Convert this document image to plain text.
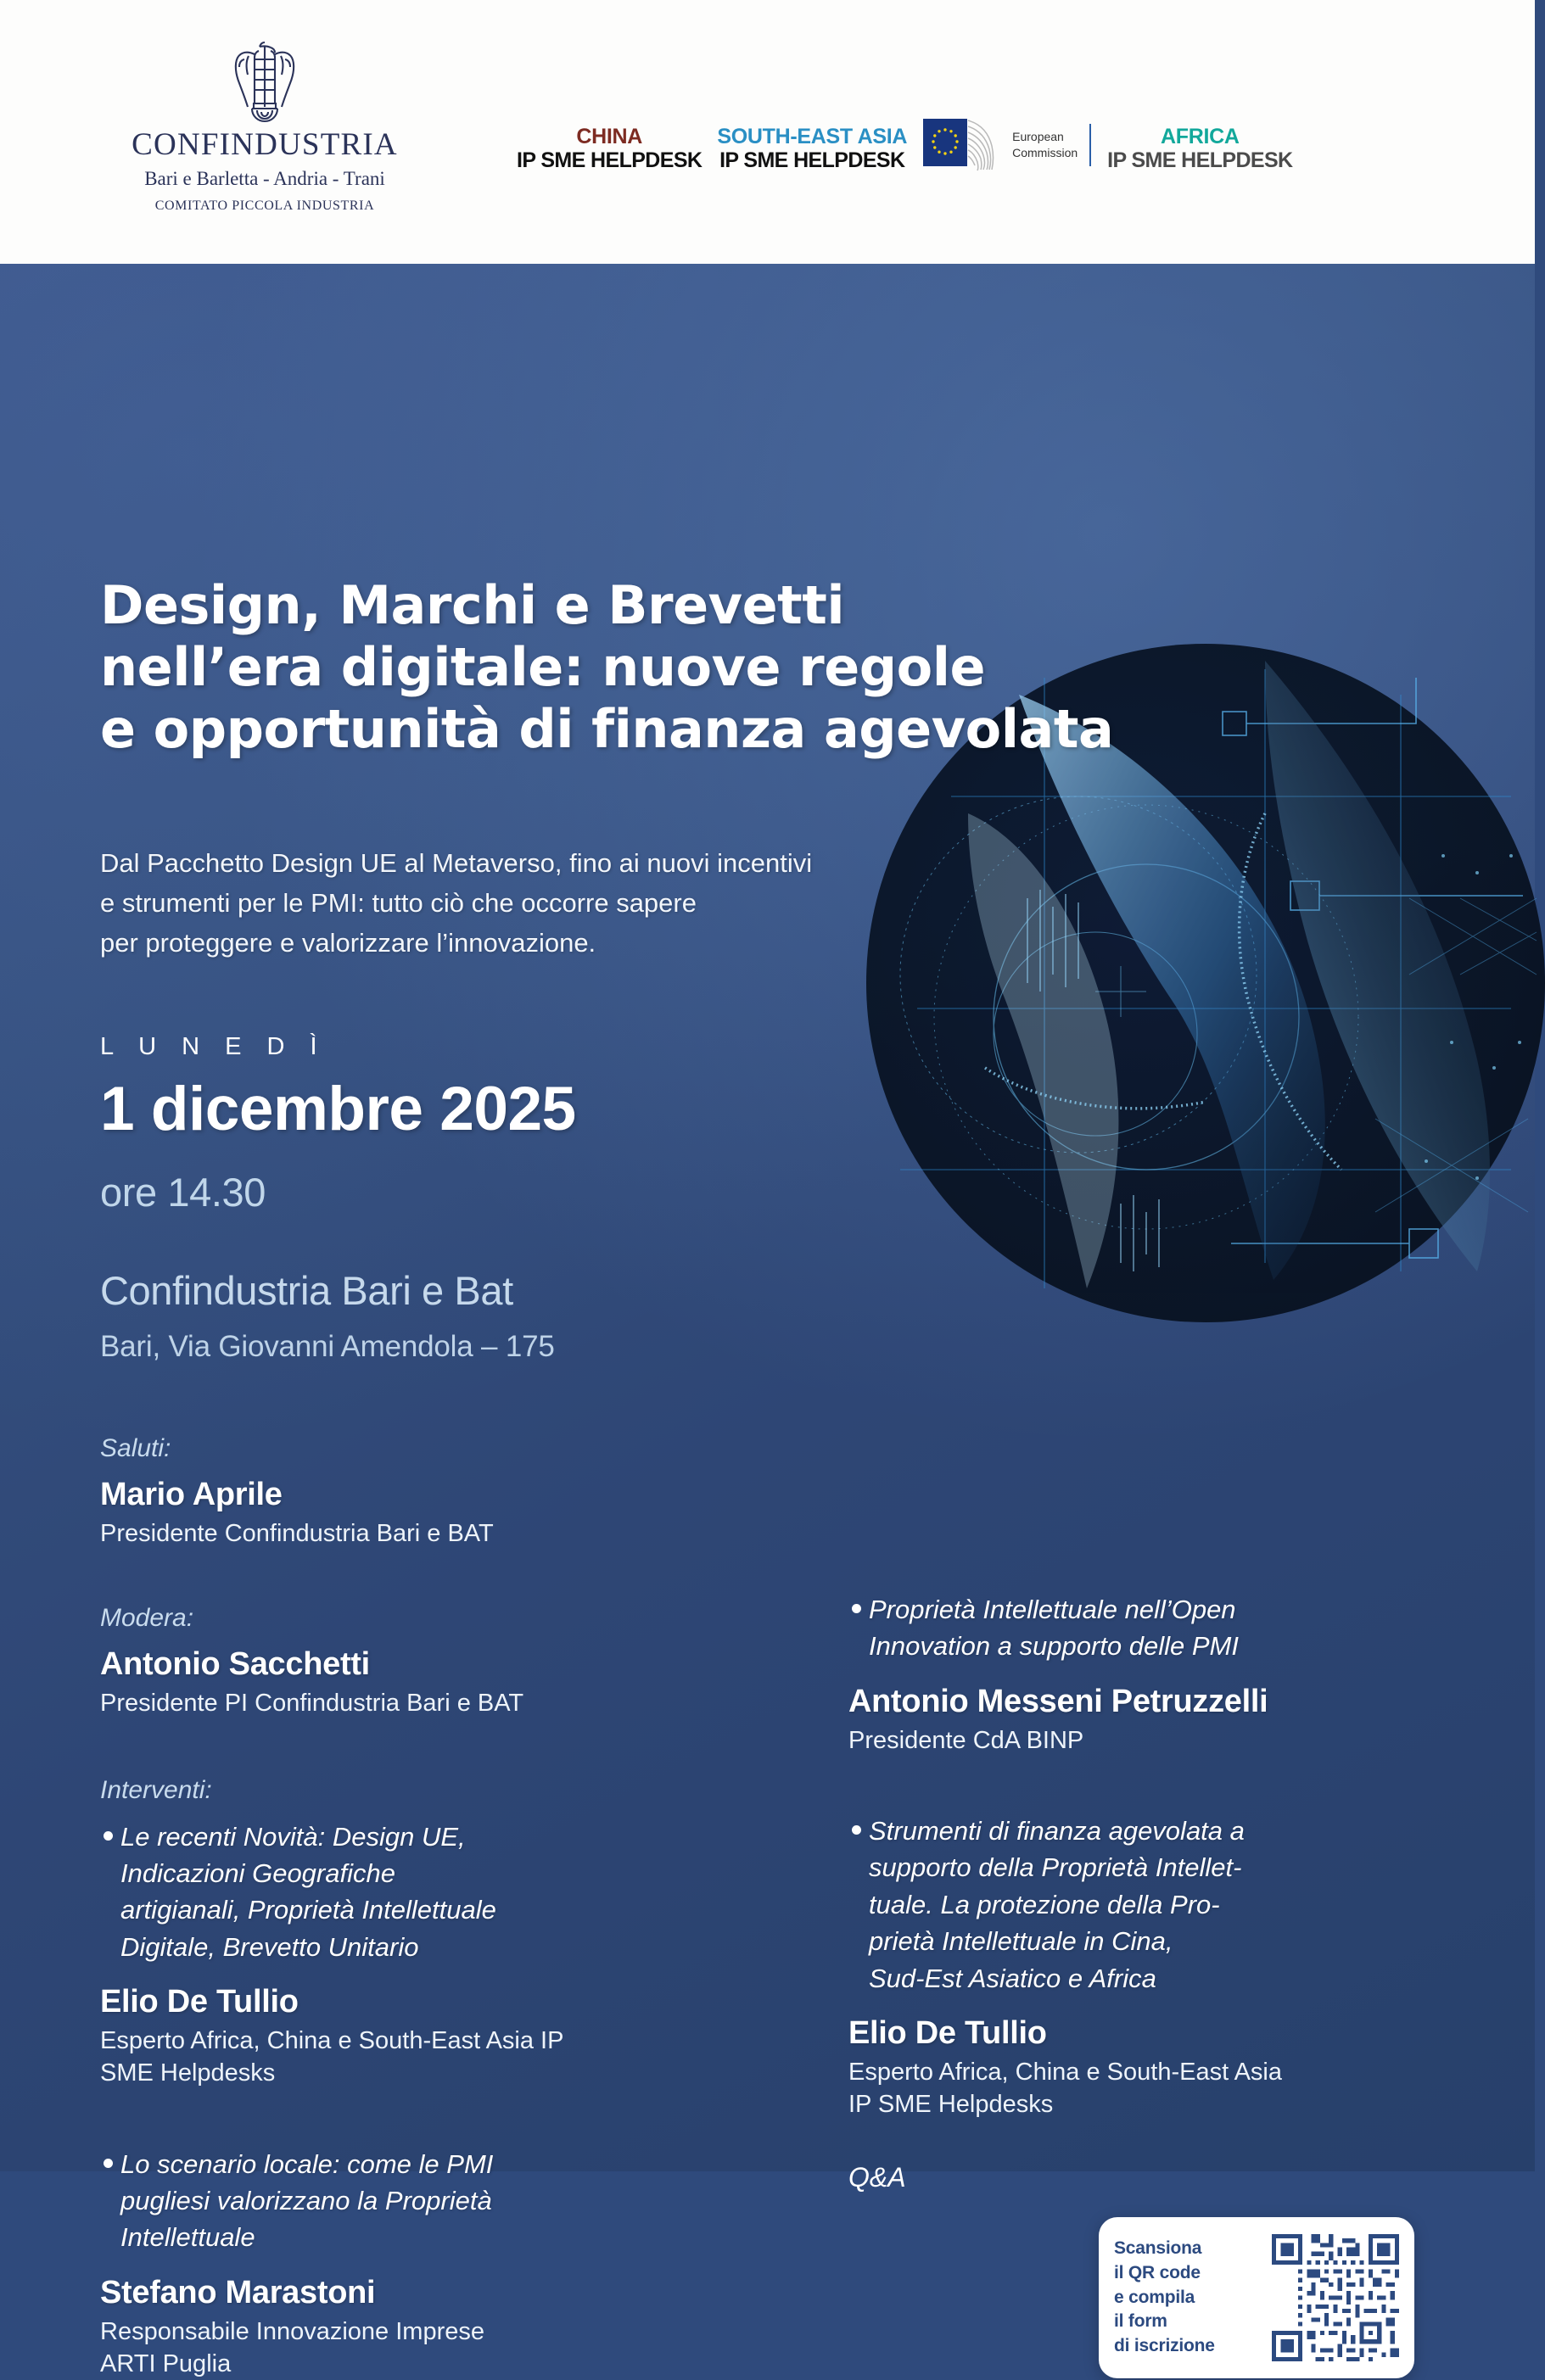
CONFINDUSTRIA
Bari e Barletta - Andria - Trani
COMITATO PICCOLA INDUSTRIA
CHINA
IP SME HELPDESK
SOUTH-EAST ASIA
IP SME HELPDESK
European
Commission
AFRICA
IP SME HELPDESK
Design, Marchi e Brevetti
nell’era digitale: nuove regole
e opportunità di finanza agevolata
Dal Pacchetto Design UE al Metaverso, fino ai nuovi incentivi
e strumenti per le PMI: tutto ciò che occorre sapere
per proteggere e valorizzare l’innovazione.
L U N E D Ì
1 dicembre 2025
ore 14.30
Confindustria Bari e Bat
Bari, Via Giovanni Amendola – 175
Saluti:
Mario Aprile
Presidente Confindustria Bari e BAT
Modera:
Antonio Sacchetti
Presidente PI Confindustria Bari e BAT
Interventi:
Le recenti Novità: Design UE,
Indicazioni Geografiche
artigianali, Proprietà Intellettuale
Digitale, Brevetto Unitario
Elio De Tullio
Esperto Africa, China e South-East Asia IP
SME Helpdesks
Lo scenario locale: come le PMI
pugliesi valorizzano la Proprietà
Intellettuale
Stefano Marastoni
Responsabile Innovazione Imprese
ARTI Puglia
Proprietà Intellettuale nell’Open
Innovation a supporto delle PMI
Antonio Messeni Petruzzelli
Presidente CdA BINP
Strumenti di finanza agevolata a
supporto della Proprietà Intellet-
tuale. La protezione della Pro-
prietà Intellettuale in Cina,
Sud-Est Asiatico e Africa
Elio De Tullio
Esperto Africa, China e South-East Asia
IP SME Helpdesks
Q&A
Scansiona
il QR code
e compila
il form
di iscrizione
